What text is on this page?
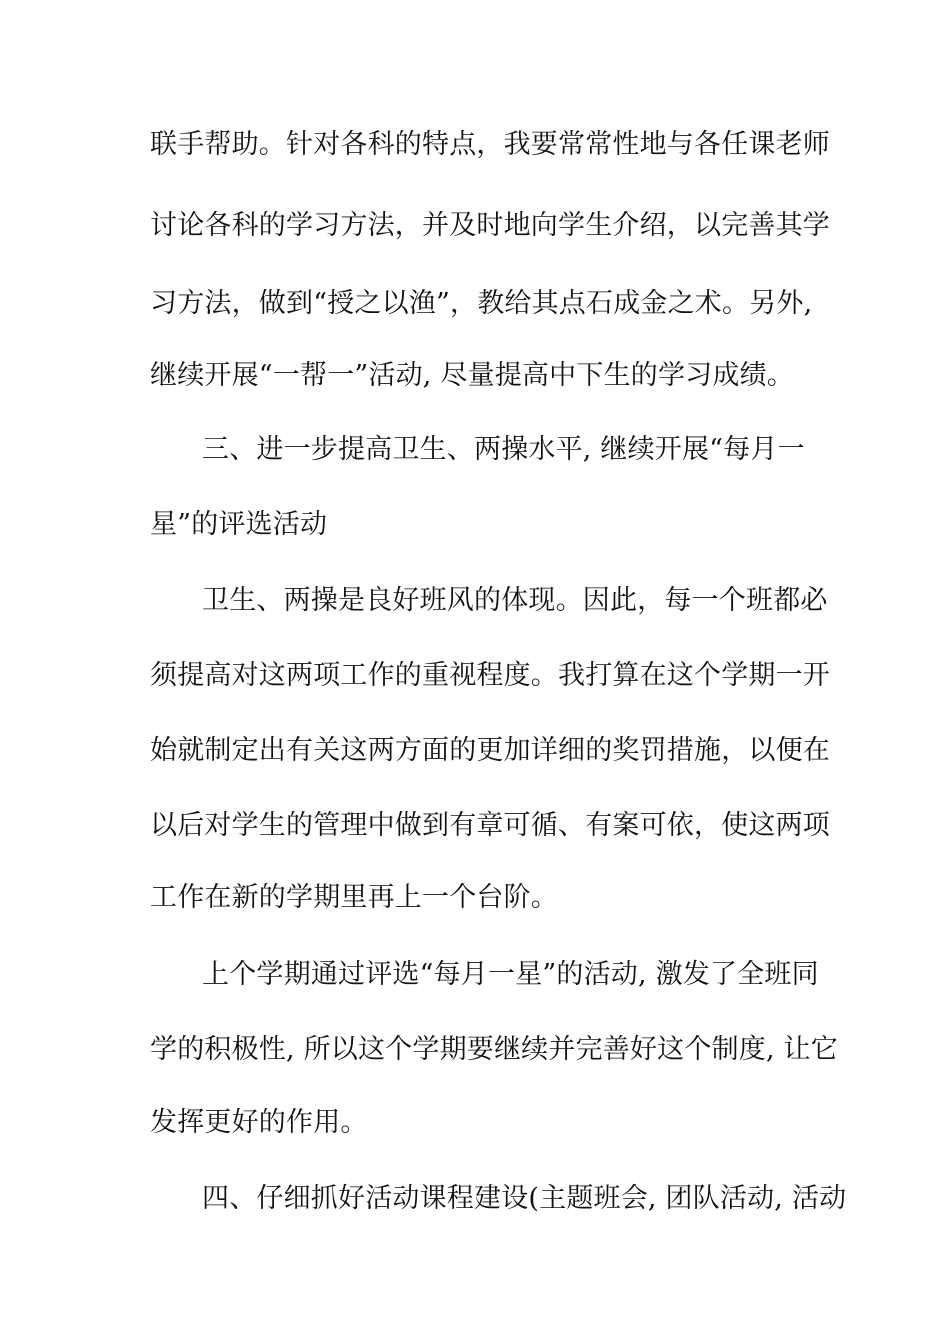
联手帮助。针对各科的特点，我要常常性地与各任课老师
讨论各科的学习方法，并及时地向学生介绍，以完善其学
习方法，做到“授之以渔”，教给其点石成金之术。另外,
继续开展“一帮一”活动, 尽量提高中下生的学习成绩。
三、进一步提高卫生、两操水平, 继续开展“每月一
星”的评选活动
卫生、两操是良好班风的体现。因此，每一个班都必
须提高对这两项工作的重视程度。我打算在这个学期一开
始就制定出有关这两方面的更加详细的奖罚措施，以便在
以后对学生的管理中做到有章可循、有案可依，使这两项
工作在新的学期里再上一个台阶。
上个学期通过评选“每月一星”的活动, 激发了全班同
学的积极性, 所以这个学期要继续并完善好这个制度, 让它
发挥更好的作用。
四、仔细抓好活动课程建设(主题班会, 团队活动, 活动
